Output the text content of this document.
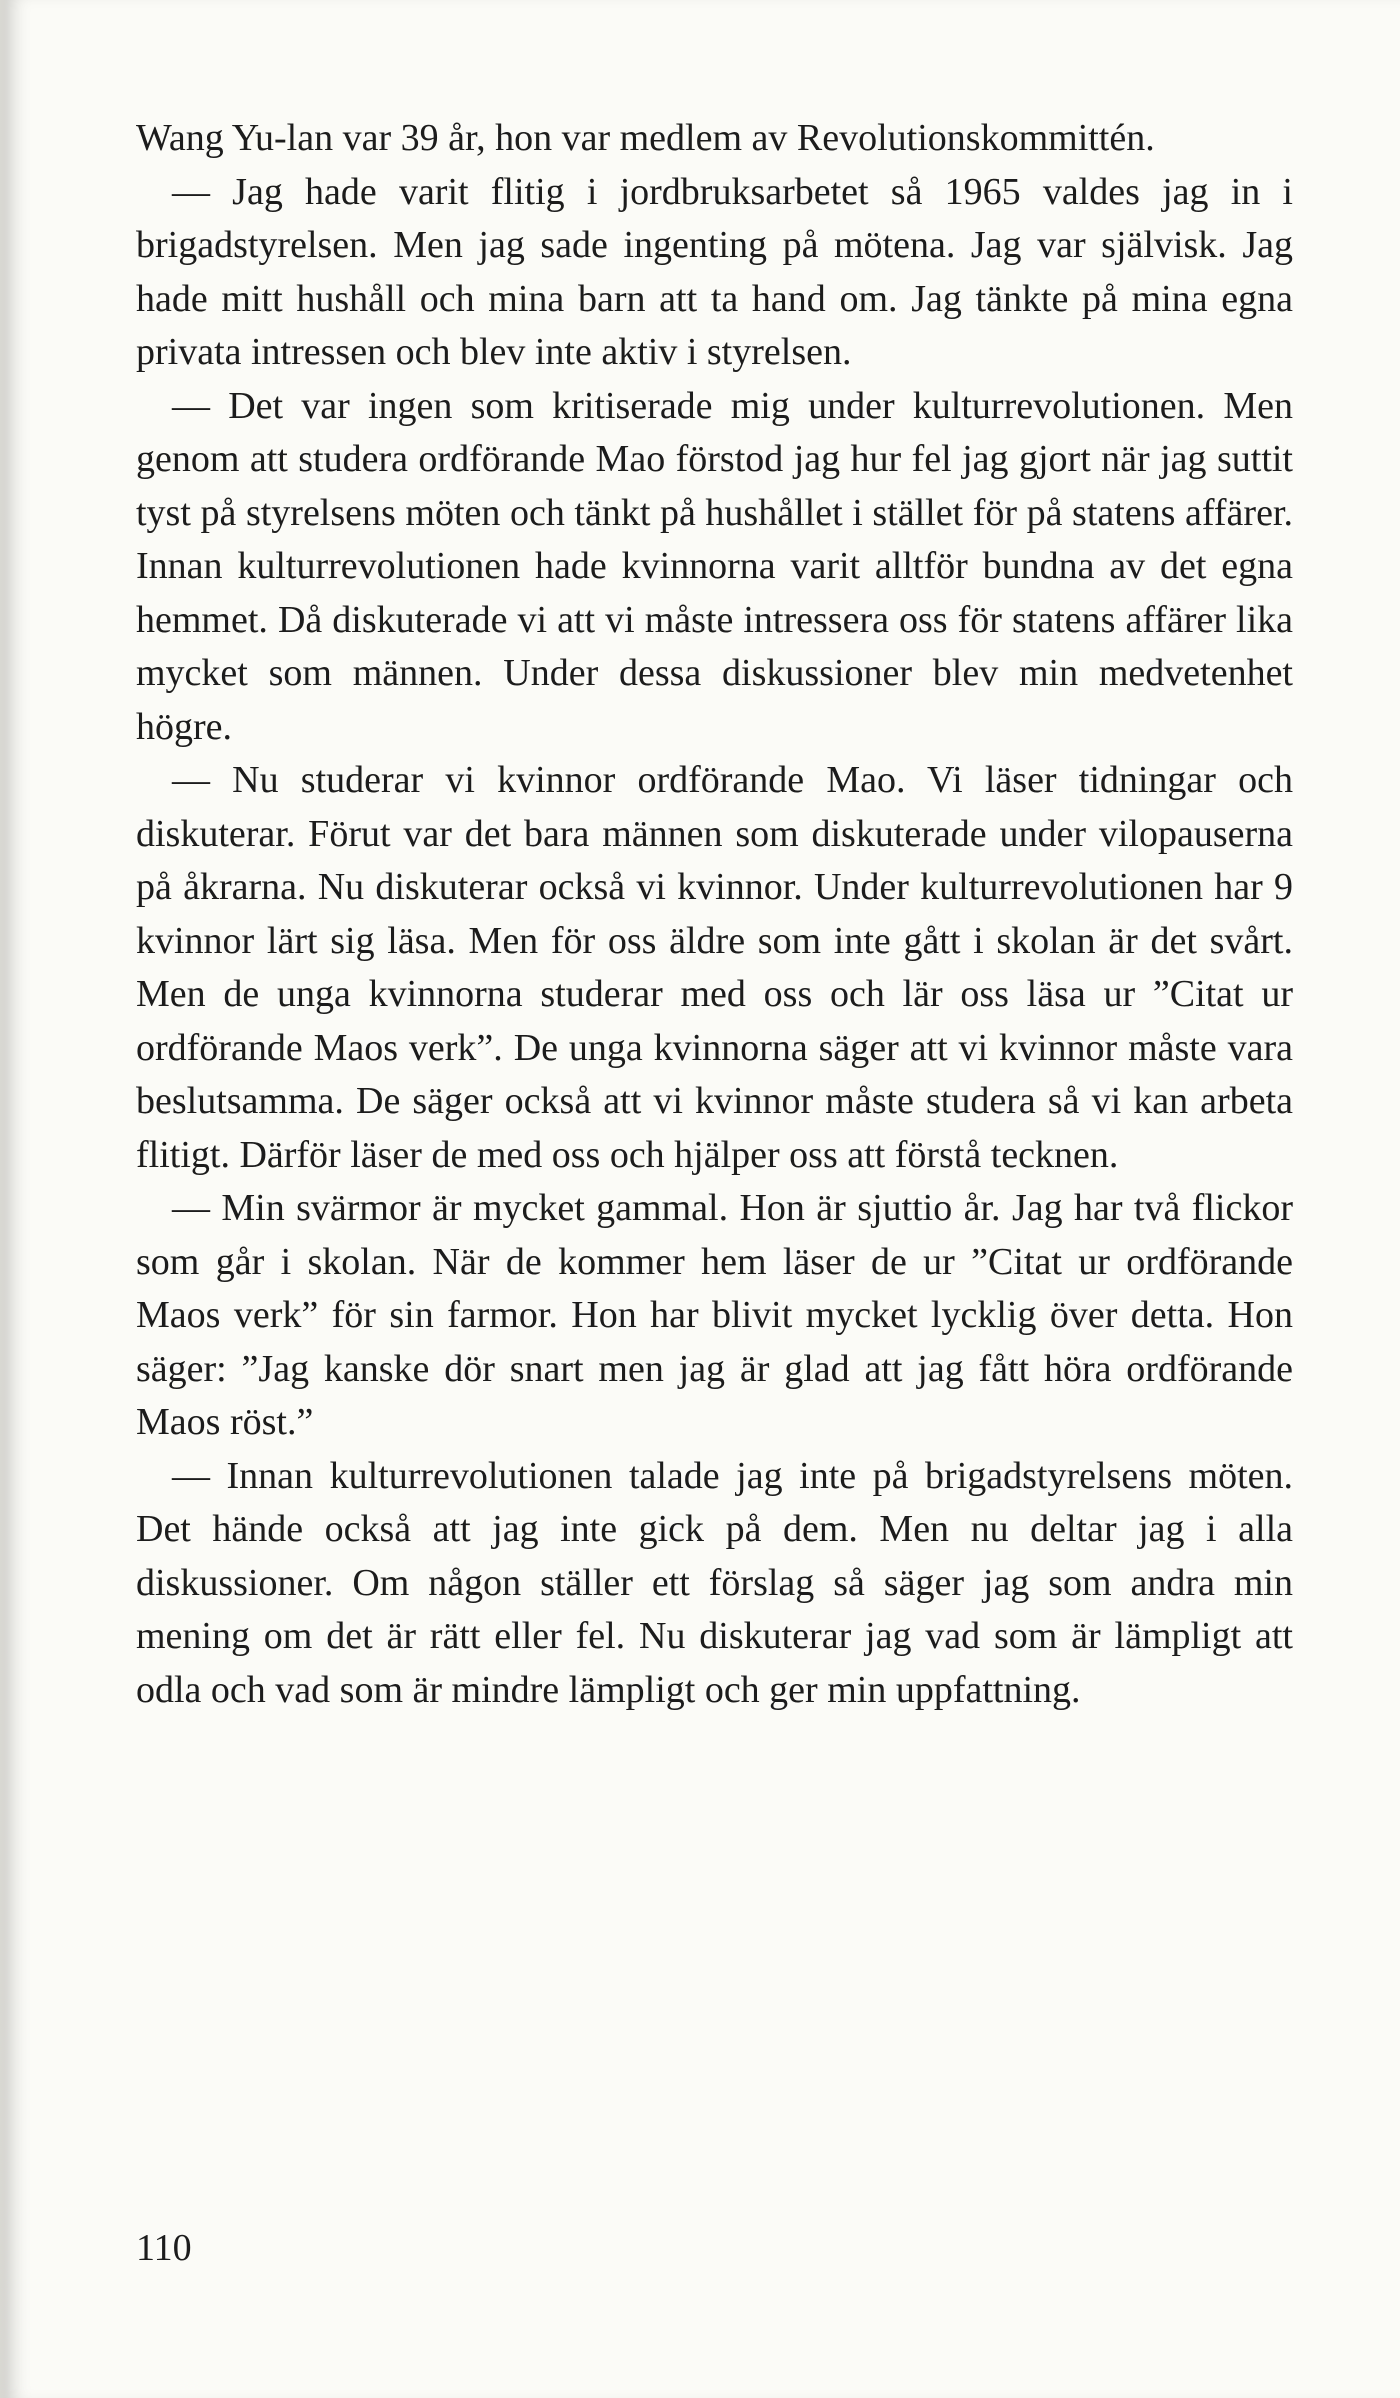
Wang Yu-lan var 39 år, hon var medlem av Revolutionskommittén.

— Jag hade varit flitig i jordbruksarbetet så 1965 valdes jag in i brigadstyrelsen. Men jag sade ingenting på mötena. Jag var självisk. Jag hade mitt hushåll och mina barn att ta hand om. Jag tänkte på mina egna privata intressen och blev inte aktiv i styrelsen.

— Det var ingen som kritiserade mig under kulturrevolutionen. Men genom att studera ordförande Mao förstod jag hur fel jag gjort när jag suttit tyst på styrelsens möten och tänkt på hushållet i stället för på statens affärer. Innan kulturrevolutionen hade kvinnorna varit alltför bundna av det egna hemmet. Då diskuterade vi att vi måste intressera oss för statens affärer lika mycket som männen. Under dessa diskussioner blev min medvetenhet högre.

— Nu studerar vi kvinnor ordförande Mao. Vi läser tidningar och diskuterar. Förut var det bara männen som diskuterade under vilopauserna på åkrarna. Nu diskuterar också vi kvinnor. Under kulturrevolutionen har 9 kvinnor lärt sig läsa. Men för oss äldre som inte gått i skolan är det svårt. Men de unga kvinnorna studerar med oss och lär oss läsa ur ”Citat ur ordförande Maos verk”. De unga kvinnorna säger att vi kvinnor måste vara beslutsamma. De säger också att vi kvinnor måste studera så vi kan arbeta flitigt. Därför läser de med oss och hjälper oss att förstå tecknen.

— Min svärmor är mycket gammal. Hon är sjuttio år. Jag har två flickor som går i skolan. När de kommer hem läser de ur ”Citat ur ordförande Maos verk” för sin farmor. Hon har blivit mycket lycklig över detta. Hon säger: ”Jag kanske dör snart men jag är glad att jag fått höra ordförande Maos röst.”

— Innan kulturrevolutionen talade jag inte på brigadstyrelsens möten. Det hände också att jag inte gick på dem. Men nu deltar jag i alla diskussioner. Om någon ställer ett förslag så säger jag som andra min mening om det är rätt eller fel. Nu diskuterar jag vad som är lämpligt att odla och vad som är mindre lämpligt och ger min uppfattning.

110
